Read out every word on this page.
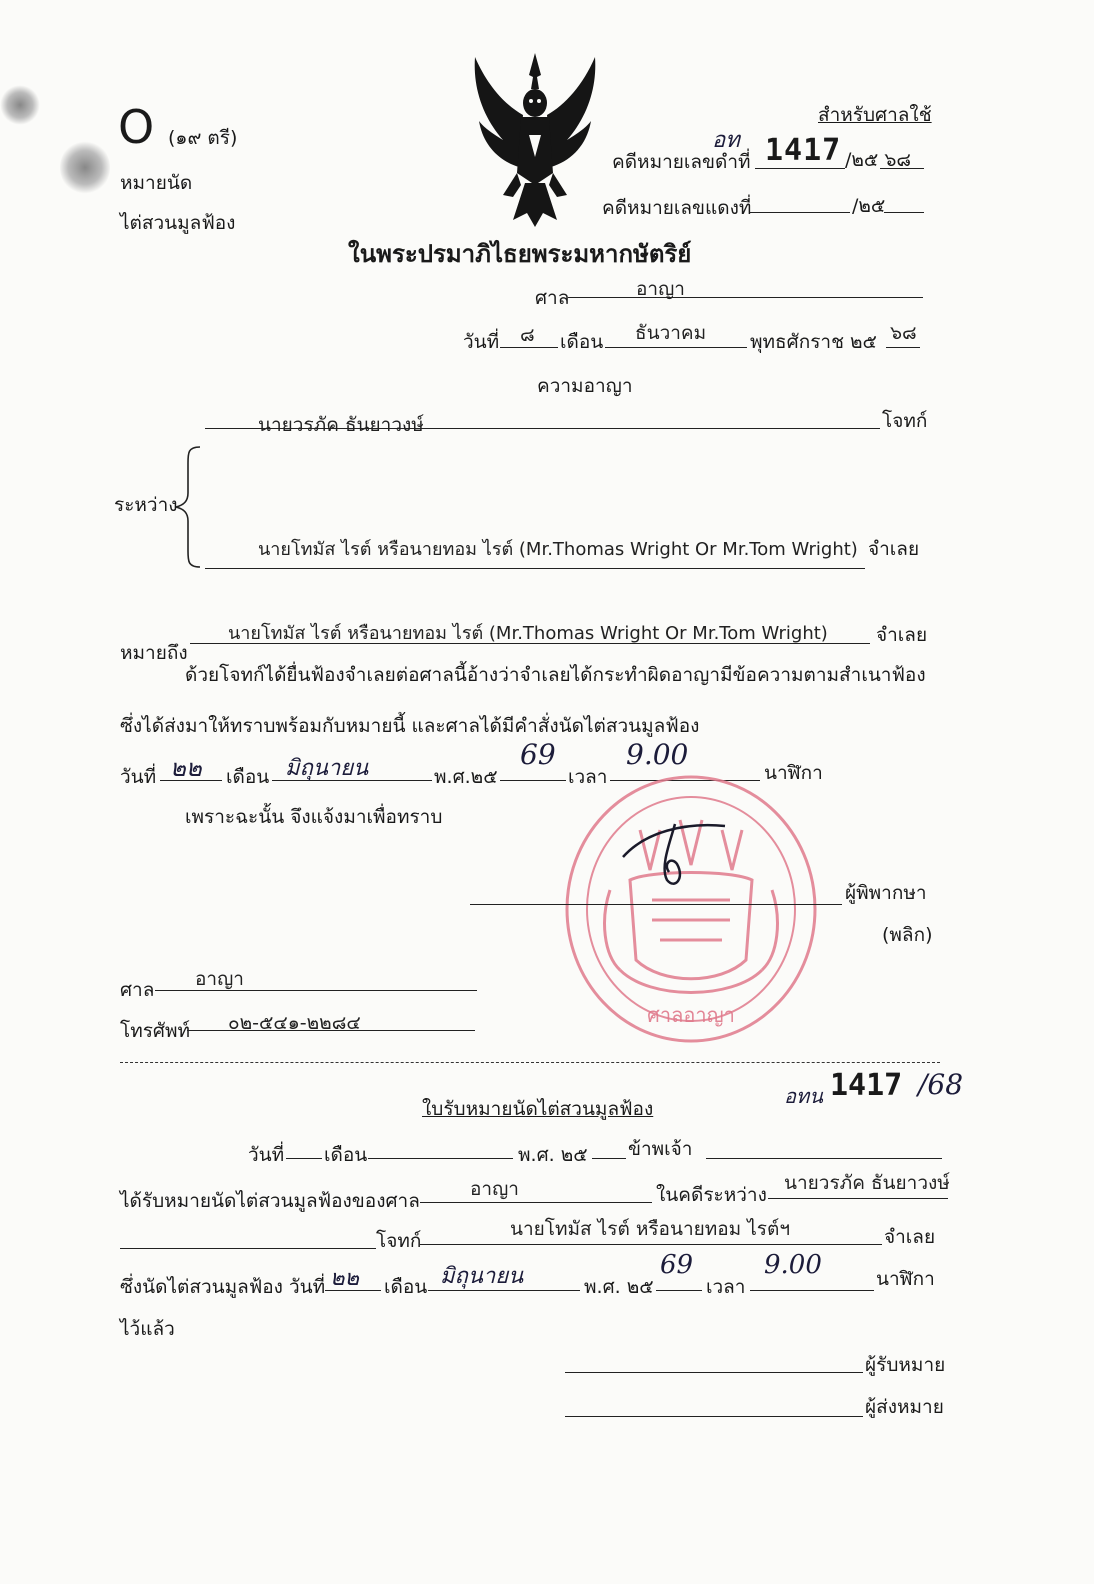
O (๑๙ ตรี)
หมายนัด
ไต่สวนมูลฟ้อง
สำหรับศาลใช้
คดีหมายเลขดำที่
อท 1417 /๒๕ ๖๘
คดีหมายเลขแดงที่	/๒๕
ในพระปรมาภิไธยพระมหากษัตริย์
ศาล	อาญา
วันที่ ๘ เดือน ธันวาคม พุทธศักราช ๒๕ ๖๘
ความอาญา
นายวรภัค ธันยาวงษ์	โจทก์
ระหว่าง
นายโทมัส ไรต์ หรือนายทอม ไรต์ (Mr.Thomas Wright Or Mr.Tom Wright) จำเลย
หมายถึง
นายโทมัส ไรต์ หรือนายทอม ไรต์ (Mr.Thomas Wright Or Mr.Tom Wright)	จำเลย
ด้วยโจทก์ได้ยื่นฟ้องจำเลยต่อศาลนี้อ้างว่าจำเลยได้กระทำผิดอาญามีข้อความตามสำเนาฟ้อง
ซึ่งได้ส่งมาให้ทราบพร้อมกับหมายนี้ และศาลได้มีคำสั่งนัดไต่สวนมูลฟ้อง
วันที่ ๒๒ เดือน มิถุนายน	พ.ศ.๒๕
69
เวลา
9.00
นาฬิกา
เพราะฉะนั้น จึงแจ้งมาเพื่อทราบ
ศาลอาญา
ผู้พิพากษา
(พลิก)
ศาล อาญา
โทรศัพท์ ๐๒-๕๔๑-๒๒๘๔
อทน 1417 /68
ใบรับหมายนัดไต่สวนมูลฟ้อง
วันที่ เดือน	พ.ศ. ๒๕ ข้าพเจ้า
ได้รับหมายนัดไต่สวนมูลฟ้องของศาล
อาญา	ในคดีระหว่าง
นายวรภัค ธันยาวงษ์
โจทก์
นายโทมัส ไรต์ หรือนายทอม ไรต์ฯ	จำเลย
ซึ่งนัดไต่สวนมูลฟ้อง วันที่ ๒๒ เดือน มิถุนายน	พ.ศ. ๒๕
69
เวลา
9.00	นาฬิกา
ไว้แล้ว
ผู้รับหมาย
ผู้ส่งหมาย
